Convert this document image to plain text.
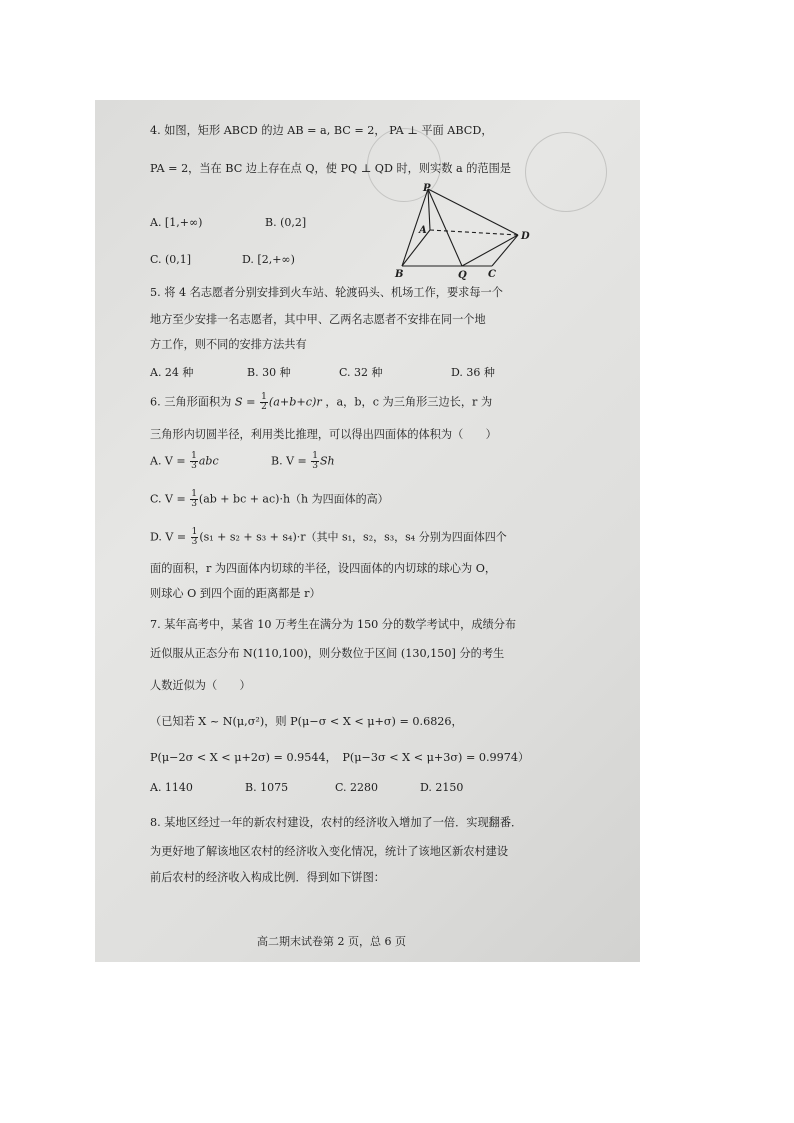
4. 如图，矩形 ABCD 的边 AB = a, BC = 2， PA ⊥ 平面 ABCD，
PA = 2，当在 BC 边上存在点 Q，使 PQ ⊥ QD 时，则实数 a 的范围是
A. [1,+∞)	B. (0,2]
C. (0,1]	D. [2,+∞)
5. 将 4 名志愿者分别安排到火车站、轮渡码头、机场工作，要求每一个
地方至少安排一名志愿者，其中甲、乙两名志愿者不安排在同一个地
方工作，则不同的安排方法共有
A. 24 种	B. 30 种	C. 32 种	D. 36 种
6. 三角形面积为 $S = \frac{1}{2} (a+b+c)r$ ，a，b，c 为三角形三边长，r 为
三角形内切圆半径，利用类比推理，可以得出四面体的体积为（　　）
A. $V = \frac{1}{3}$ abc	B. $V = \frac{1}{3}$ Sh
C. $V = \frac{1}{3} (ab$ + bc + ac)·h（h 为四面体的高）
D. $V = \frac{1}{3} (s_1 + s_2 + s_3 + s_4)\cdot r$（其中 s₁，s₂，s₃，s₄ 分别为四面体四个
面的面积，r 为四面体内切球的半径，设四面体的内切球的球心为 O，
则球心 O 到四个面的距离都是 r）
7. 某年高考中，某省 10 万考生在满分为 150 分的数学考试中，成绩分布
近似服从正态分布 N(110,100)，则分数位于区间 (130,150] 分的考生
人数近似为（　　）
（已知若 X ~ N(μ,σ²)，则 P(μ−σ < X < μ+σ) = 0.6826，
P(μ−2σ < X < μ+2σ) = 0.9544，　P(μ−3σ < X < μ+3σ) = 0.9974）
A. 1140	B. 1075	C. 2280	D. 2150
8. 某地区经过一年的新农村建设，农村的经济收入增加了一倍．实现翻番．
为更好地了解该地区农村的经济收入变化情况，统计了该地区新农村建设
前后农村的经济收入构成比例．得到如下饼图：
高二期末试卷第 2 页，总 6 页
P
A
D
B	Q C
